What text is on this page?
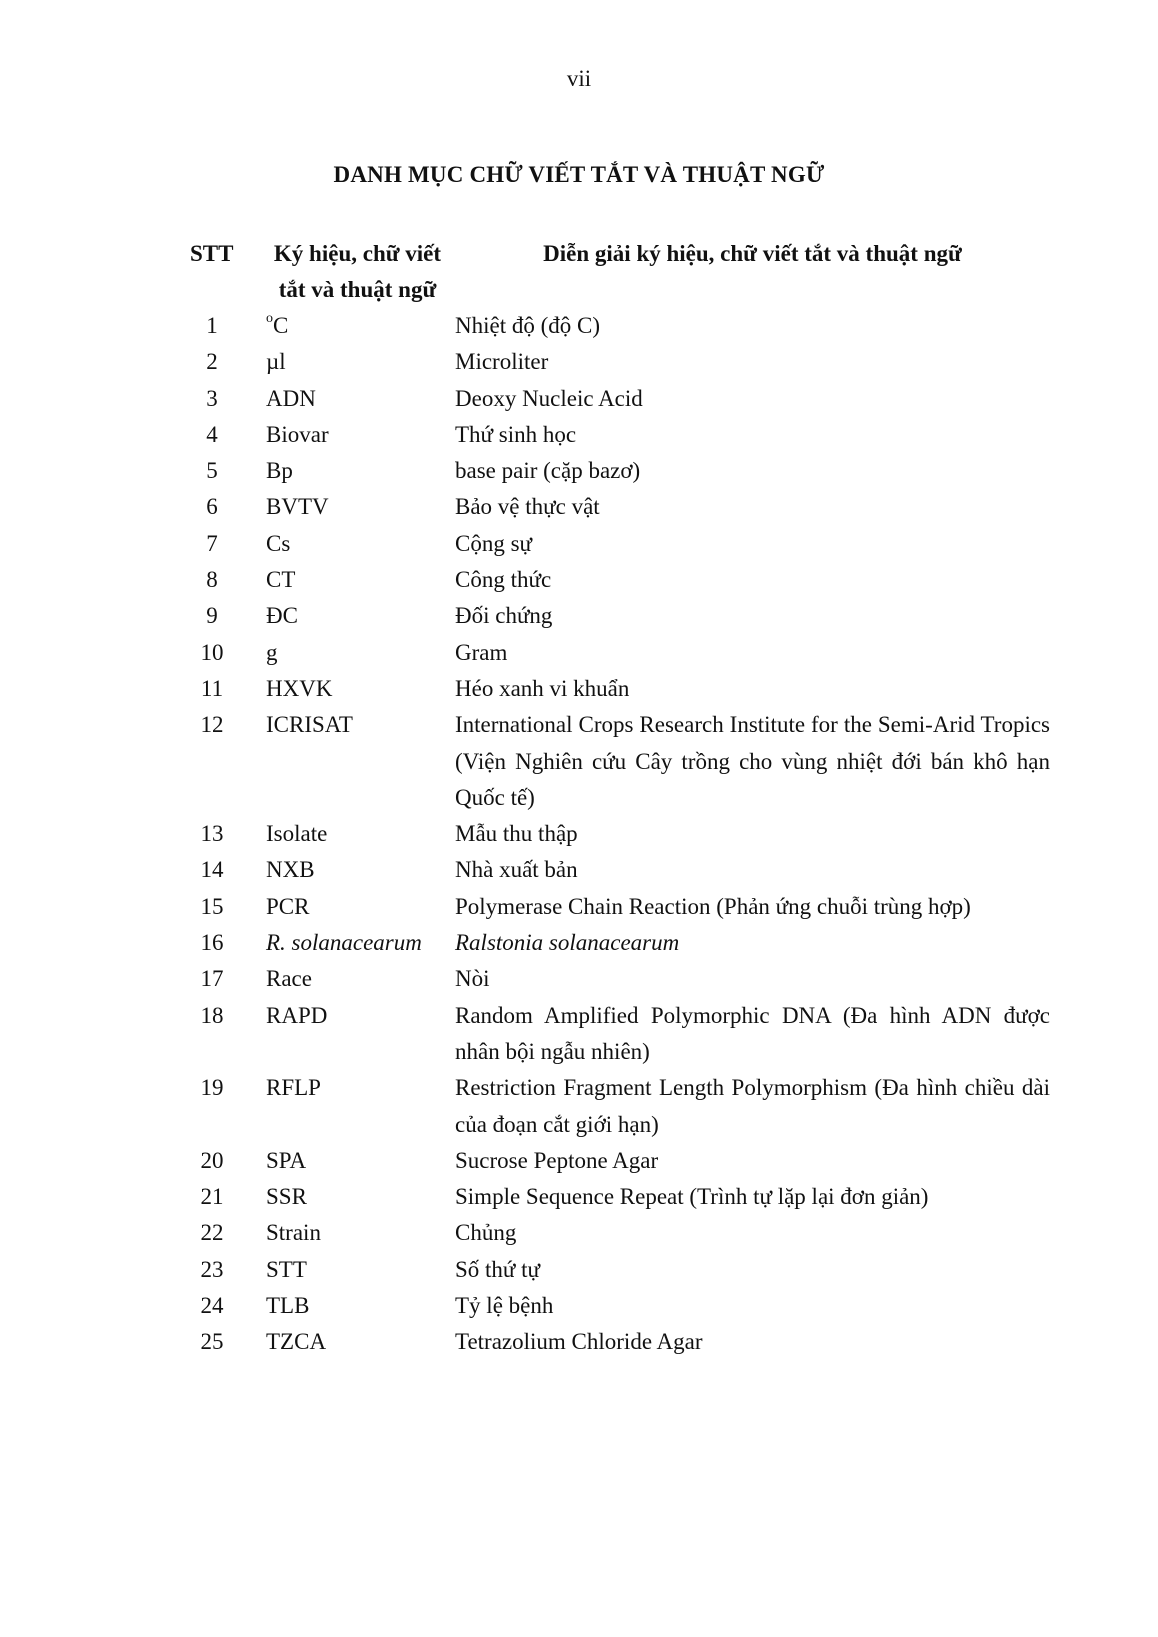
vii
DANH MỤC CHỮ VIẾT TẮT VÀ THUẬT NGỮ
STT	Ký hiệu, chữ viết tắt và thuật ngữ	Diễn giải ký hiệu, chữ viết tắt và thuật ngữ
1	$^o$C	Nhiệt độ (độ C)
2	µl	Microliter
3	ADN	Deoxy Nucleic Acid
4	Biovar	Thứ sinh học
5	Bp	base pair (cặp bazơ)
6	BVTV	Bảo vệ thực vật
7	Cs	Cộng sự
8	CT	Công thức
9	ĐC	Đối chứng
10	g	Gram
11	HXVK	Héo xanh vi khuẩn
12	ICRISAT	International Crops Research Institute for the Semi-Arid Tropics (Viện Nghiên cứu Cây trồng cho vùng nhiệt đới bán khô hạn Quốc tế)
13	Isolate	Mẫu thu thập
14	NXB	Nhà xuất bản
15	PCR	Polymerase Chain Reaction (Phản ứng chuỗi trùng hợp)
16	R. solanacearum	Ralstonia solanacearum
17	Race	Nòi
18	RAPD	Random Amplified Polymorphic DNA (Đa hình ADN được nhân bội ngẫu nhiên)
19	RFLP	Restriction Fragment Length Polymorphism (Đa hình chiều dài của đoạn cắt giới hạn)
20	SPA	Sucrose Peptone Agar
21	SSR	Simple Sequence Repeat (Trình tự lặp lại đơn giản)
22	Strain	Chủng
23	STT	Số thứ tự
24	TLB	Tỷ lệ bệnh
25	TZCA	Tetrazolium Chloride Agar
